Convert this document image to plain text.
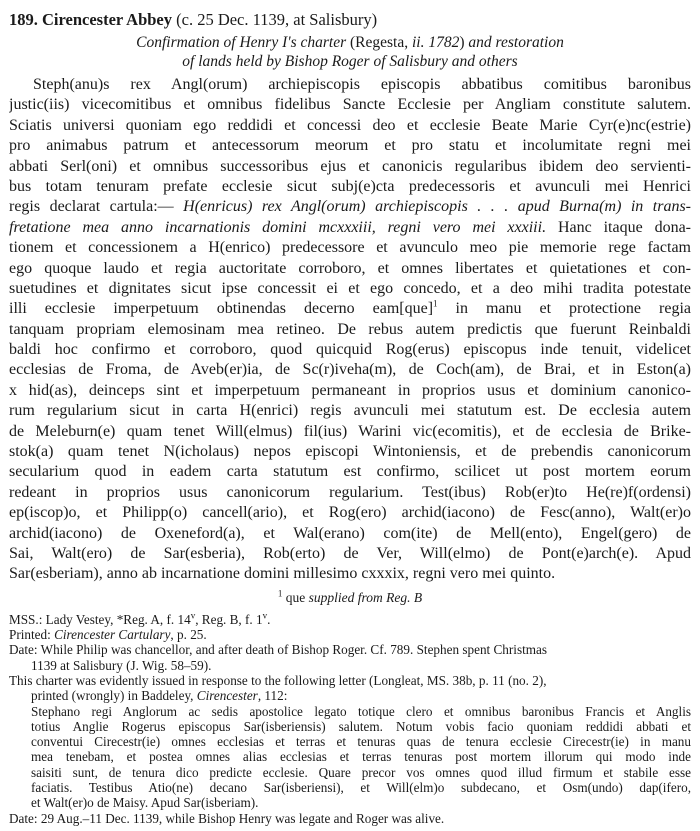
189. Cirencester Abbey (c. 25 Dec. 1139, at Salisbury)
Confirmation of Henry I's charter (Regesta, ii. 1782) and restoration
of lands held by Bishop Roger of Salisbury and others
Steph(anu)s rex Angl(orum) archiepiscopis episcopis abbatibus comitibus baronibus
justic(iis) vicecomitibus et omnibus fidelibus Sancte Ecclesie per Angliam constitute salutem.
Sciatis universi quoniam ego reddidi et concessi deo et ecclesie Beate Marie Cyr(e)nc(estrie)
pro animabus patrum et antecessorum meorum et pro statu et incolumitate regni mei
abbati Serl(oni) et omnibus successoribus ejus et canonicis regularibus ibidem deo servienti-
bus totam tenuram prefate ecclesie sicut subj(e)cta predecessoris et avunculi mei Henrici
regis declarat cartula:— H(enricus) rex Angl(orum) archiepiscopis . . . apud Burna(m) in trans-
fretatione mea anno incarnationis domini mcxxxiii, regni vero mei xxxiii. Hanc itaque dona-
tionem et concessionem a H(enrico) predecessore et avunculo meo pie memorie rege factam
ego quoque laudo et regia auctoritate corroboro, et omnes libertates et quietationes et con-
suetudines et dignitates sicut ipse concessit ei et ego concedo, et a deo mihi tradita potestate
illi ecclesie imperpetuum obtinendas decerno eam[que]$^1$ in manu et protectione regia
tanquam propriam elemosinam mea retineo. De rebus autem predictis que fuerunt Reinbaldi
baldi hoc confirmo et corroboro, quod quicquid Rog(erus) episcopus inde tenuit, videlicet
ecclesias de Froma, de Aveb(er)ia, de Sc(r)iveha(m), de Coch(am), de Brai, et in Eston(a)
x hid(as), deinceps sint et imperpetuum permaneant in proprios usus et dominium canonico-
rum regularium sicut in carta H(enrici) regis avunculi mei statutum est. De ecclesia autem
de Meleburn(e) quam tenet Will(elmus) fil(ius) Warini vic(ecomitis), et de ecclesia de Brike-
stok(a) quam tenet N(icholaus) nepos episcopi Wintoniensis, et de prebendis canonicorum
secularium quod in eadem carta statutum est confirmo, scilicet ut post mortem eorum
redeant in proprios usus canonicorum regularium. Test(ibus) Rob(er)to He(re)f(ordensi)
ep(iscop)o, et Philipp(o) cancell(ario), et Rog(ero) archid(iacono) de Fesc(anno), Walt(er)o
archid(iacono) de Oxeneford(a), et Wal(erano) com(ite) de Mell(ento), Engel(gero) de
Sai, Walt(ero) de Sar(esberia), Rob(erto) de Ver, Will(elmo) de Pont(e)arch(e). Apud
Sar(esberiam), anno ab incarnatione domini millesimo cxxxix, regni vero mei quinto.
$^1$ que supplied from Reg. B
MSS.: Lady Vestey, *Reg. A, f. 14$^v$, Reg. B, f. 1$^v$.
Printed: Cirencester Cartulary, p. 25.
Date: While Philip was chancellor, and after death of Bishop Roger. Cf. 789. Stephen spent Christmas
1139 at Salisbury (J. Wig. 58–59).
This charter was evidently issued in response to the following letter (Longleat, MS. 38b, p. 11 (no. 2),
printed (wrongly) in Baddeley, Cirencester, 112:
Stephano regi Anglorum ac sedis apostolice legato totique clero et omnibus baronibus Francis et Anglis
totius Anglie Rogerus episcopus Sar(isberiensis) salutem. Notum vobis facio quoniam reddidi abbati et
conventui Cirecestr(ie) omnes ecclesias et terras et tenuras quas de tenura ecclesie Cirecestr(ie) in manu
mea tenebam, et postea omnes alias ecclesias et terras tenuras post mortem illorum qui modo inde
saisiti sunt, de tenura dico predicte ecclesie. Quare precor vos omnes quod illud firmum et stabile esse
faciatis. Testibus Atio(ne) decano Sar(isberiensi), et Will(elm)o subdecano, et Osm(undo) dap(ifero,
et Walt(er)o de Maisy. Apud Sar(isberiam).
Date: 29 Aug.–11 Dec. 1139, while Bishop Henry was legate and Roger was alive.
